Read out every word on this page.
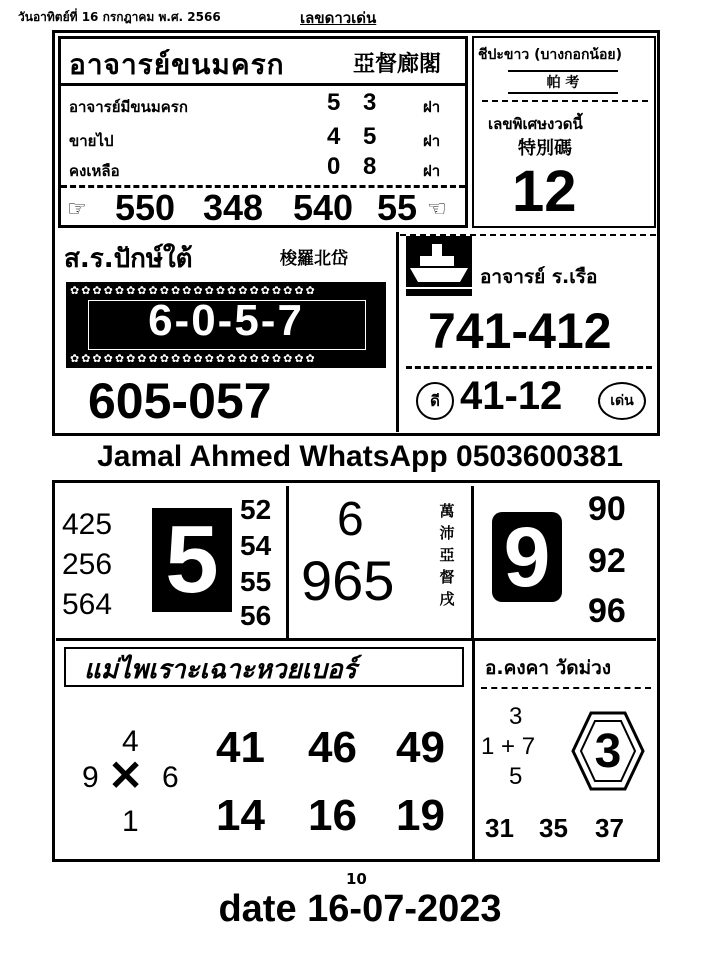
วันอาทิตย์ที่ 16 กรกฎาคม พ.ศ. 2566	เลขดาวเด่น
อาจารย์ขนมครก	亞督廊閣
อาจารย์มีขนมครก	5 3	ฝา
ขายไป	4 5	ฝา
คงเหลือ	0 8	ฝา
☞ 550 348 540 55 ☜
ชีปะขาว (บางกอกน้อย)
帕 考
เลขพิเศษงวดนี้
特別碼
12
ส.ร.ปักษ์ใต้	梭羅北岱
✿✿✿✿✿✿✿✿✿✿✿✿✿✿✿✿✿✿✿✿✿✿
✿✿✿✿✿✿✿✿✿✿✿✿✿✿✿✿✿✿✿✿✿✿
6-0-5-7
605-057
อาจารย์ ร.เรือ
741-412
ดี 41-12	เด่น
Jamal Ahmed WhatsApp 0503600381
425
256
564 5 52
54
55
56
6
965
萬沛亞督戌 9
90
92
96
แม่ไพเราะเฉาะหวยเบอร์
4
9 ✕ 6
1
41 46 49
14 16 19
อ.คงคา วัดม่วง
3
1 + 7
5	3
31 35 37
10
date 16-07-2023
